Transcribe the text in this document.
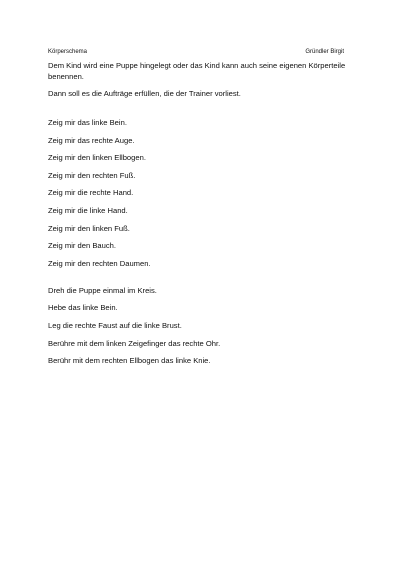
Körperschema	Gründler Birgit

Dem Kind wird eine Puppe hingelegt oder das Kind kann auch seine eigenen Körperteile benennen.

Dann soll es die Aufträge erfüllen, die der Trainer vorliest.

Zeig mir das linke Bein.
Zeig mir das rechte Auge.
Zeig mir den linken Ellbogen.
Zeig mir den rechten Fuß.
Zeig mir die rechte Hand.
Zeig mir die linke Hand.
Zeig mir den linken Fuß.
Zeig mir den Bauch.
Zeig mir den rechten Daumen.
Dreh die Puppe einmal im Kreis.
Hebe das linke Bein.
Leg die rechte Faust auf die linke Brust.
Berühre mit dem linken Zeigefinger das rechte Ohr.
Berühr mit dem rechten Ellbogen das linke Knie.
